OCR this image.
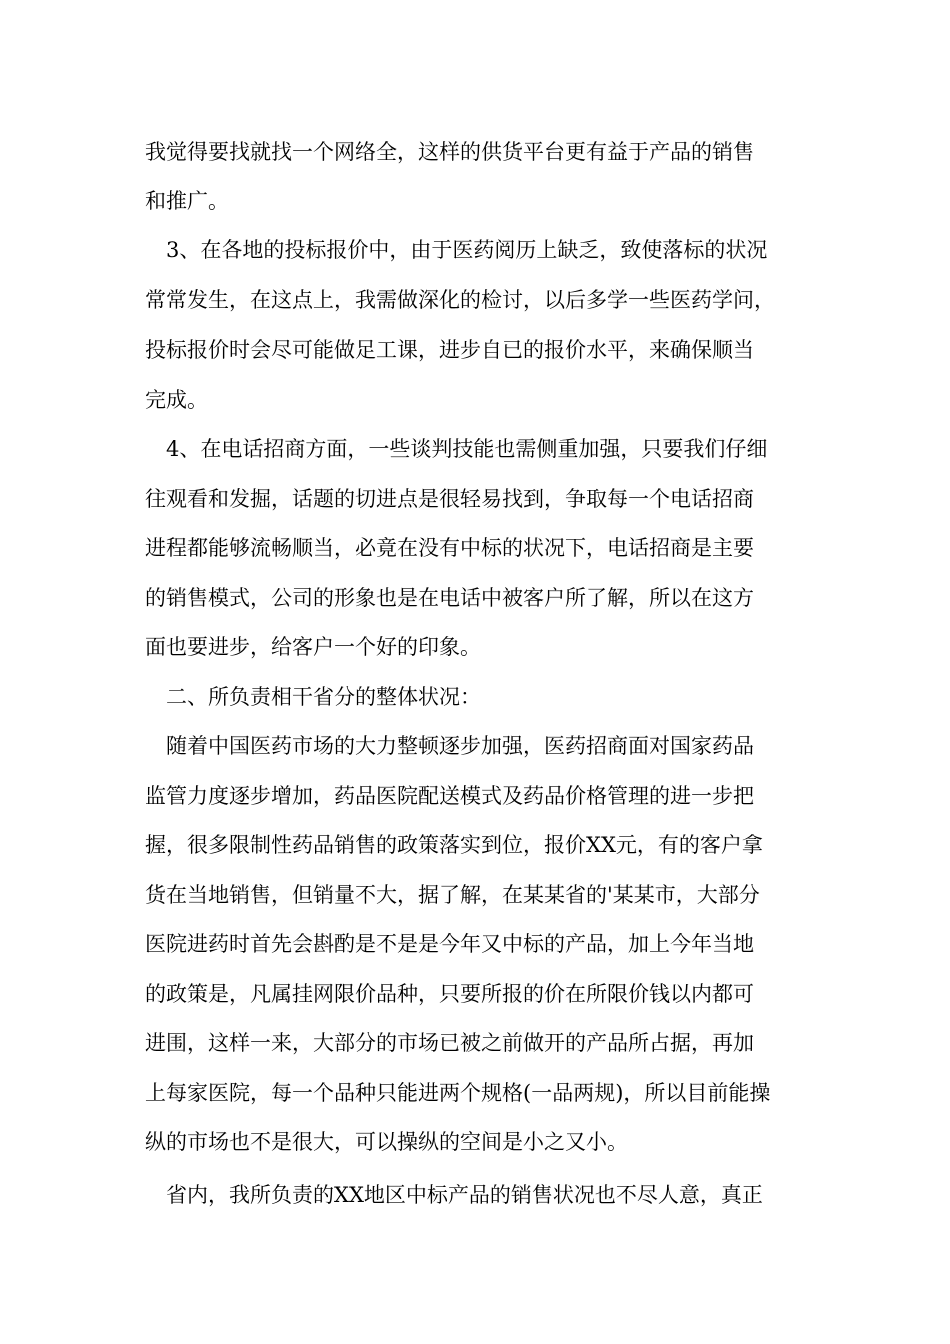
我觉得要找就找一个网络全，这样的供货平台更有益于产品的销售
和推广。
3、在各地的投标报价中，由于医药阅历上缺乏，致使落标的状况
常常发生，在这点上，我需做深化的检讨，以后多学一些医药学问，
投标报价时会尽可能做足工课，进步自已的报价水平，来确保顺当
完成。
4、在电话招商方面，一些谈判技能也需侧重加强，只要我们仔细
往观看和发掘，话题的切进点是很轻易找到，争取每一个电话招商
进程都能够流畅顺当，必竟在没有中标的状况下，电话招商是主要
的销售模式，公司的形象也是在电话中被客户所了解，所以在这方
面也要进步，给客户一个好的印象。
二、所负责相干省分的整体状况：
随着中国医药市场的大力整顿逐步加强，医药招商面对国家药品
监管力度逐步增加，药品医院配送模式及药品价格管理的进一步把
握，很多限制性药品销售的政策落实到位，报价XX元，有的客户拿
货在当地销售，但销量不大，据了解，在某某省的'某某市，大部分
医院进药时首先会斟酌是不是是今年又中标的产品，加上今年当地
的政策是，凡属挂网限价品种，只要所报的价在所限价钱以内都可
进围，这样一来，大部分的市场已被之前做开的产品所占据，再加
上每家医院，每一个品种只能进两个规格(一品两规)，所以目前能操
纵的市场也不是很大，可以操纵的空间是小之又小。
省内，我所负责的XX地区中标产品的销售状况也不尽人意，真正
